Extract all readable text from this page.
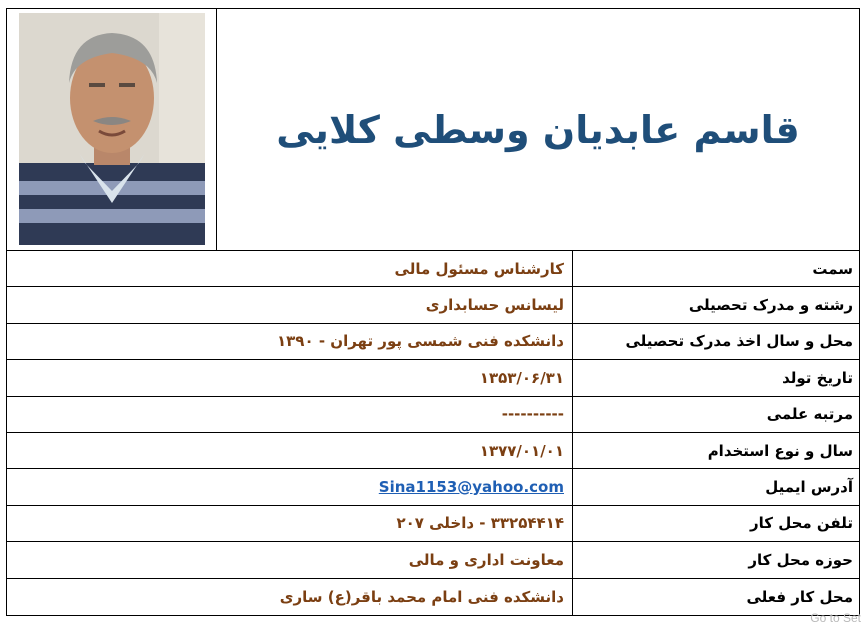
قاسم عابدیان وسطی کلایی
سمت
کارشناس مسئول مالی
رشته و مدرک تحصیلی
لیسانس حسابداری
محل و سال اخذ مدرک تحصیلی
دانشکده فنی شمسی پور تهران - ۱۳۹۰
تاریخ تولد
۱۳۵۳/۰۶/۳۱
مرتبه علمی
----------
سال و نوع استخدام
۱۳۷۷/۰۱/۰۱
آدرس ایمیل
Sina1153@yahoo.com
تلفن محل کار
۳۳۲۵۴۴۱۴ - داخلی ۲۰۷
حوزه محل کار
معاونت اداری و مالی
محل کار فعلی
دانشکده فنی امام محمد باقر(ع) ساری
Go to Set
